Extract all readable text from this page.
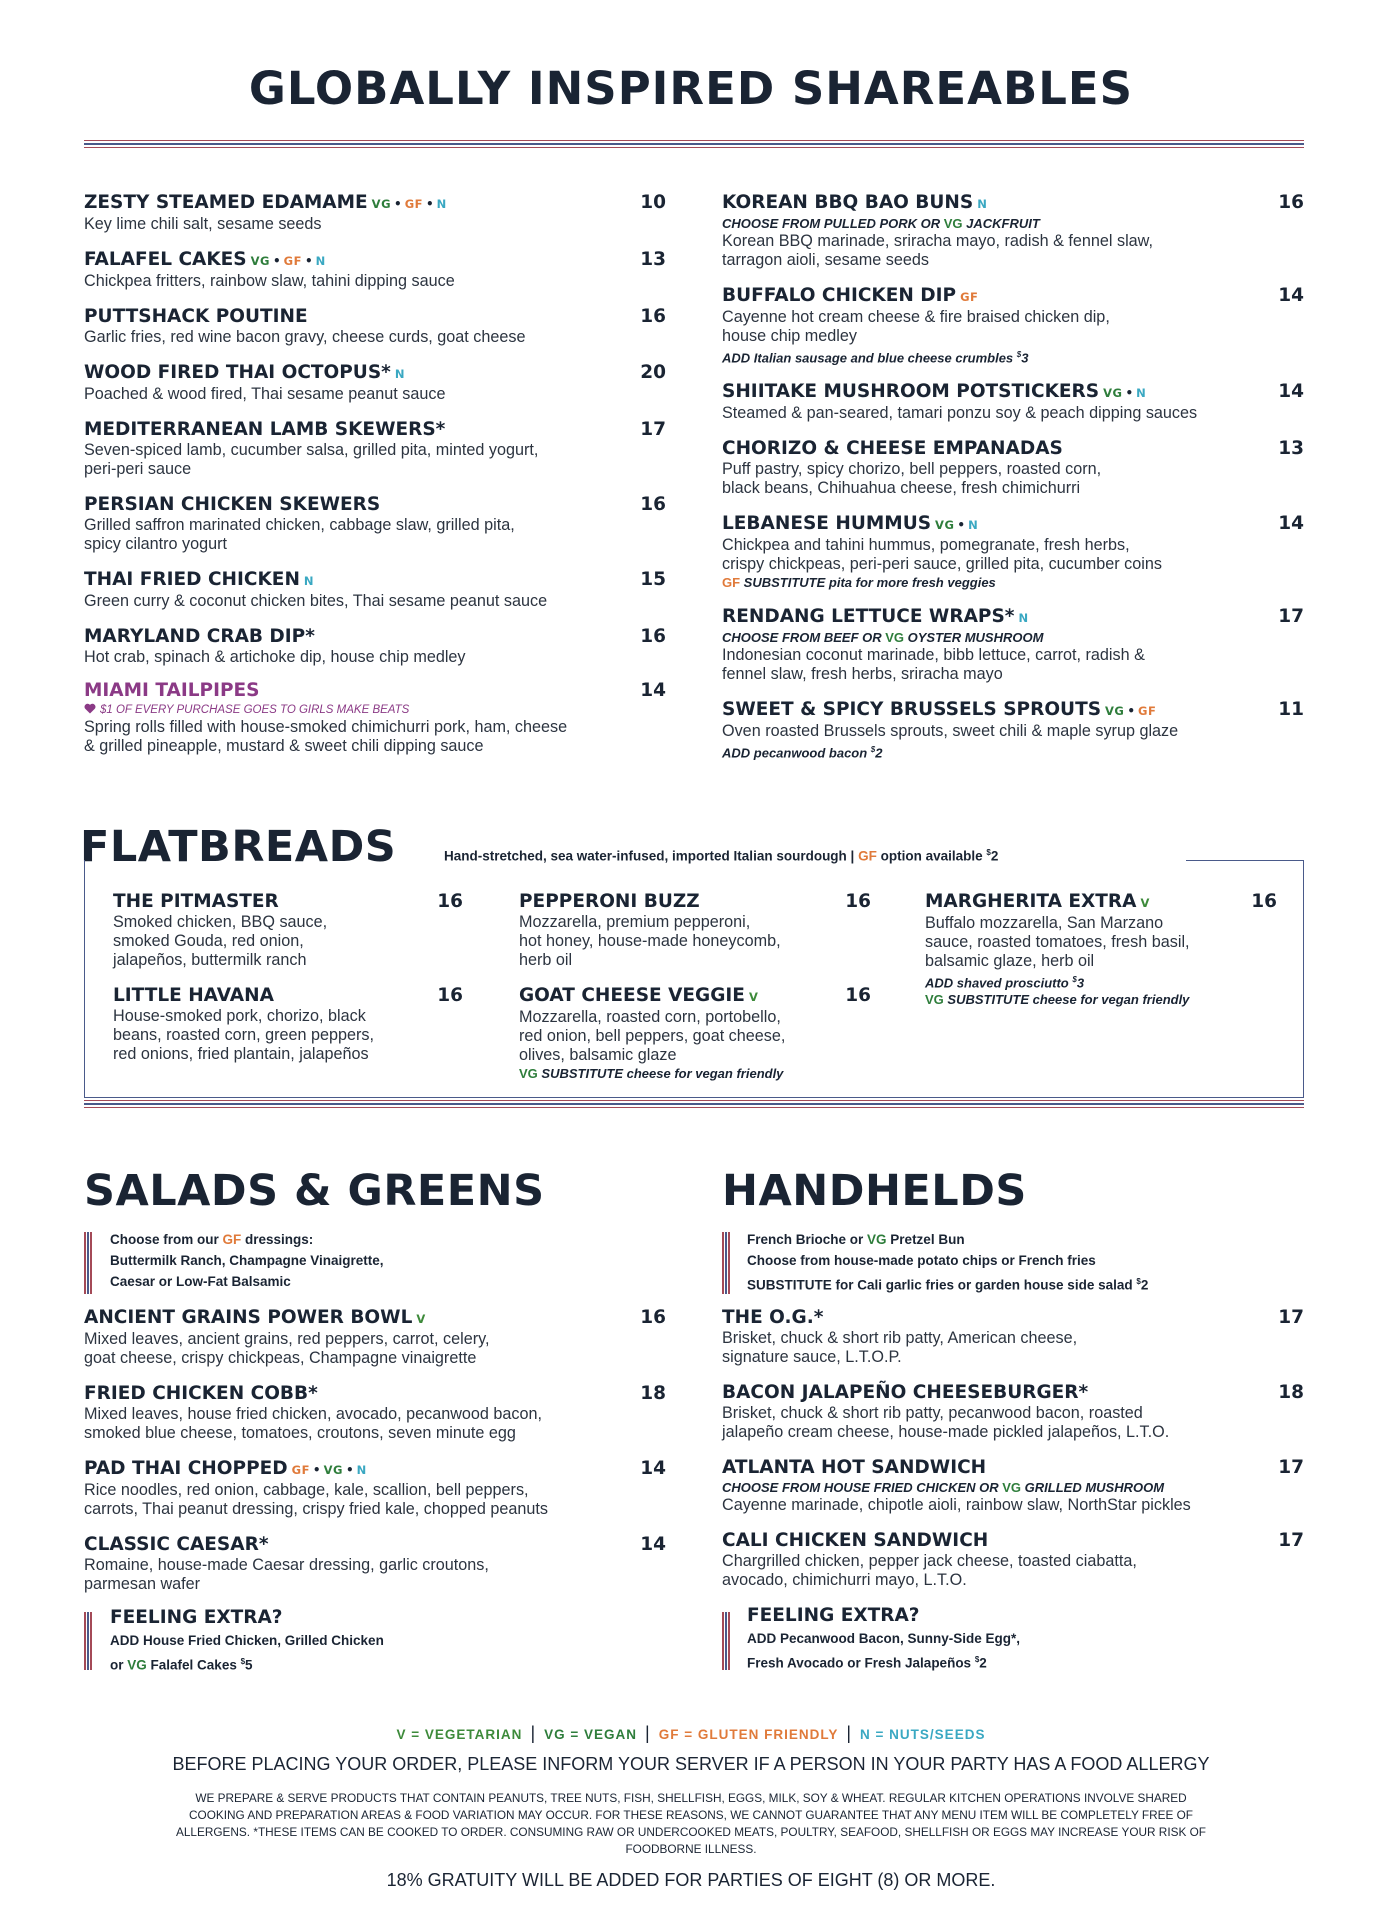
GLOBALLY INSPIRED SHAREABLES
ZESTY STEAMED EDAMAME VG • GF • N	10
Key lime chili salt, sesame seeds
FALAFEL CAKES VG • GF • N	13
Chickpea fritters, rainbow slaw, tahini dipping sauce
PUTTSHACK POUTINE	16
Garlic fries, red wine bacon gravy, cheese curds, goat cheese
WOOD FIRED THAI OCTOPUS* N	20
Poached & wood fired, Thai sesame peanut sauce
MEDITERRANEAN LAMB SKEWERS*	17
Seven-spiced lamb, cucumber salsa, grilled pita, minted yogurt,
peri-peri sauce
PERSIAN CHICKEN SKEWERS	16
Grilled saffron marinated chicken, cabbage slaw, grilled pita,
spicy cilantro yogurt
THAI FRIED CHICKEN N	15
Green curry & coconut chicken bites, Thai sesame peanut sauce
MARYLAND CRAB DIP*	16
Hot crab, spinach & artichoke dip, house chip medley
MIAMI TAILPIPES	14
$1 OF EVERY PURCHASE GOES TO GIRLS MAKE BEATS
Spring rolls filled with house-smoked chimichurri pork, ham, cheese
& grilled pineapple, mustard & sweet chili dipping sauce
KOREAN BBQ BAO BUNS N	16
CHOOSE FROM PULLED PORK OR VG JACKFRUIT
Korean BBQ marinade, sriracha mayo, radish & fennel slaw,
tarragon aioli, sesame seeds
BUFFALO CHICKEN DIP GF	14
Cayenne hot cream cheese & fire braised chicken dip,
house chip medley
ADD Italian sausage and blue cheese crumbles $3
SHIITAKE MUSHROOM POTSTICKERS VG • N	14
Steamed & pan-seared, tamari ponzu soy & peach dipping sauces
CHORIZO & CHEESE EMPANADAS	13
Puff pastry, spicy chorizo, bell peppers, roasted corn,
black beans, Chihuahua cheese, fresh chimichurri
LEBANESE HUMMUS VG • N	14
Chickpea and tahini hummus, pomegranate, fresh herbs,
crispy chickpeas, peri-peri sauce, grilled pita, cucumber coins
GF SUBSTITUTE pita for more fresh veggies
RENDANG LETTUCE WRAPS* N	17
CHOOSE FROM BEEF OR VG OYSTER MUSHROOM
Indonesian coconut marinade, bibb lettuce, carrot, radish &
fennel slaw, fresh herbs, sriracha mayo
SWEET & SPICY BRUSSELS SPROUTS VG • GF	11
Oven roasted Brussels sprouts, sweet chili & maple syrup glaze
ADD pecanwood bacon $2
FLATBREADS	Hand-stretched, sea water-infused, imported Italian sourdough | GF option available $2
THE PITMASTER	16
Smoked chicken, BBQ sauce,
smoked Gouda, red onion,
jalapeños, buttermilk ranch
LITTLE HAVANA	16
House-smoked pork, chorizo, black
beans, roasted corn, green peppers,
red onions, fried plantain, jalapeños
PEPPERONI BUZZ	16
Mozzarella, premium pepperoni,
hot honey, house-made honeycomb,
herb oil
GOAT CHEESE VEGGIE V	16
Mozzarella, roasted corn, portobello,
red onion, bell peppers, goat cheese,
olives, balsamic glaze
VG SUBSTITUTE cheese for vegan friendly
MARGHERITA EXTRA V	16
Buffalo mozzarella, San Marzano
sauce, roasted tomatoes, fresh basil,
balsamic glaze, herb oil
ADD shaved prosciutto $3
VG SUBSTITUTE cheese for vegan friendly
SALADS & GREENS
Choose from our GF dressings:
Buttermilk Ranch, Champagne Vinaigrette,
Caesar or Low-Fat Balsamic
ANCIENT GRAINS POWER BOWL V	16
Mixed leaves, ancient grains, red peppers, carrot, celery,
goat cheese, crispy chickpeas, Champagne vinaigrette
FRIED CHICKEN COBB*	18
Mixed leaves, house fried chicken, avocado, pecanwood bacon,
smoked blue cheese, tomatoes, croutons, seven minute egg
PAD THAI CHOPPED GF • VG • N	14
Rice noodles, red onion, cabbage, kale, scallion, bell peppers,
carrots, Thai peanut dressing, crispy fried kale, chopped peanuts
CLASSIC CAESAR*	14
Romaine, house-made Caesar dressing, garlic croutons,
parmesan wafer
FEELING EXTRA?
ADD House Fried Chicken, Grilled Chicken
or VG Falafel Cakes $5
HANDHELDS
French Brioche or VG Pretzel Bun
Choose from house-made potato chips or French fries
SUBSTITUTE for Cali garlic fries or garden house side salad $2
THE O.G.*	17
Brisket, chuck & short rib patty, American cheese,
signature sauce, L.T.O.P.
BACON JALAPEÑO CHEESEBURGER*	18
Brisket, chuck & short rib patty, pecanwood bacon, roasted
jalapeño cream cheese, house-made pickled jalapeños, L.T.O.
ATLANTA HOT SANDWICH	17
CHOOSE FROM HOUSE FRIED CHICKEN OR VG GRILLED MUSHROOM
Cayenne marinade, chipotle aioli, rainbow slaw, NorthStar pickles
CALI CHICKEN SANDWICH	17
Chargrilled chicken, pepper jack cheese, toasted ciabatta,
avocado, chimichurri mayo, L.T.O.
FEELING EXTRA?
ADD Pecanwood Bacon, Sunny-Side Egg*,
Fresh Avocado or Fresh Jalapeños $2
V = VEGETARIAN | VG = VEGAN | GF = GLUTEN FRIENDLY | N = NUTS/SEEDS
BEFORE PLACING YOUR ORDER, PLEASE INFORM YOUR SERVER IF A PERSON IN YOUR PARTY HAS A FOOD ALLERGY
WE PREPARE & SERVE PRODUCTS THAT CONTAIN PEANUTS, TREE NUTS, FISH, SHELLFISH, EGGS, MILK, SOY & WHEAT. REGULAR KITCHEN OPERATIONS INVOLVE SHARED COOKING AND PREPARATION AREAS & FOOD VARIATION MAY OCCUR. FOR THESE REASONS, WE CANNOT GUARANTEE THAT ANY MENU ITEM WILL BE COMPLETELY FREE OF ALLERGENS. *THESE ITEMS CAN BE COOKED TO ORDER. CONSUMING RAW OR UNDERCOOKED MEATS, POULTRY, SEAFOOD, SHELLFISH OR EGGS MAY INCREASE YOUR RISK OF FOODBORNE ILLNESS.
18% GRATUITY WILL BE ADDED FOR PARTIES OF EIGHT (8) OR MORE.
